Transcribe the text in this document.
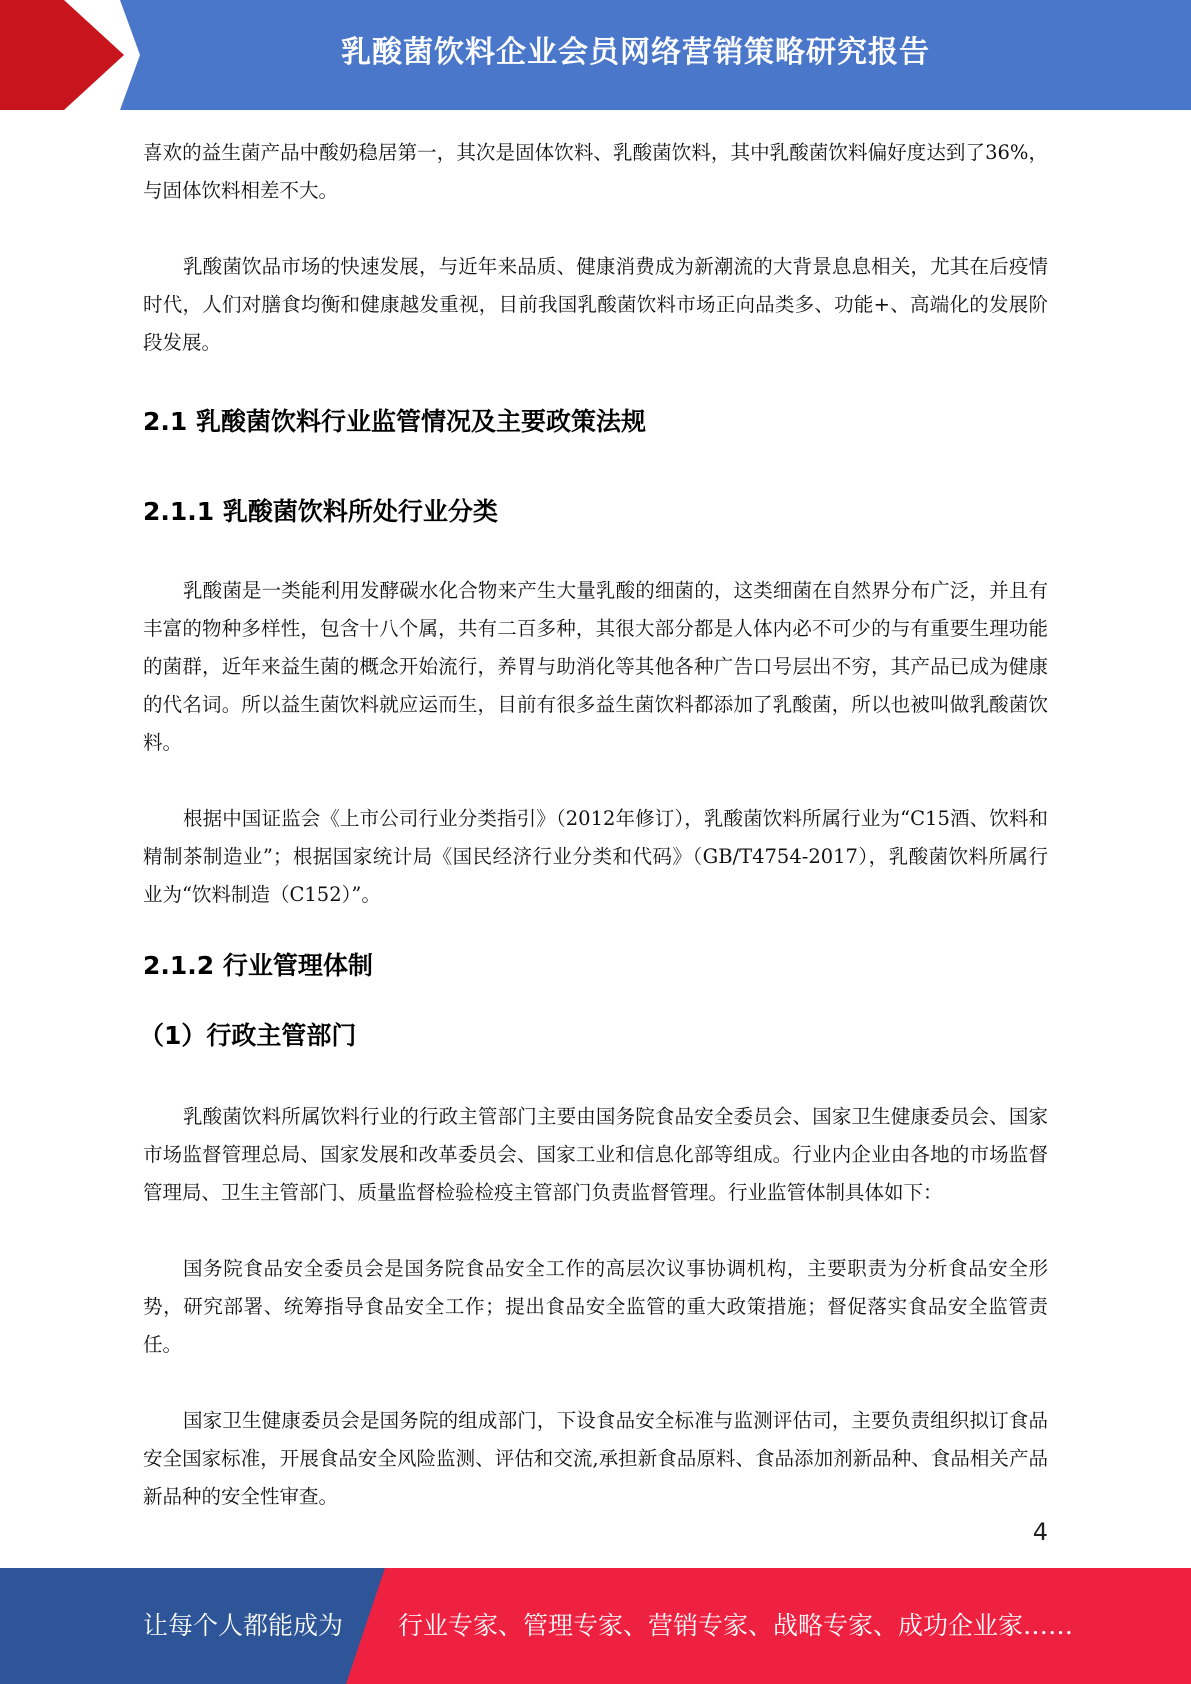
乳酸菌饮料企业会员网络营销策略研究报告

喜欢的益生菌产品中酸奶稳居第一，其次是固体饮料、乳酸菌饮料，其中乳酸菌饮料偏好度达到了36%，与固体饮料相差不大。

乳酸菌饮品市场的快速发展，与近年来品质、健康消费成为新潮流的大背景息息相关，尤其在后疫情时代，人们对膳食均衡和健康越发重视，目前我国乳酸菌饮料市场正向品类多、功能+、高端化的发展阶段发展。

2.1 乳酸菌饮料行业监管情况及主要政策法规
2.1.1 乳酸菌饮料所处行业分类

乳酸菌是一类能利用发酵碳水化合物来产生大量乳酸的细菌的，这类细菌在自然界分布广泛，并且有丰富的物种多样性，包含十八个属，共有二百多种，其很大部分都是人体内必不可少的与有重要生理功能的菌群，近年来益生菌的概念开始流行，养胃与助消化等其他各种广告口号层出不穷，其产品已成为健康的代名词。所以益生菌饮料就应运而生，目前有很多益生菌饮料都添加了乳酸菌，所以也被叫做乳酸菌饮料。

根据中国证监会《上市公司行业分类指引》（2012年修订），乳酸菌饮料所属行业为“C15酒、饮料和精制茶制造业”；根据国家统计局《国民经济行业分类和代码》（GB/T4754-2017），乳酸菌饮料所属行业为“饮料制造（C152）”。

2.1.2 行业管理体制
（1）行政主管部门

乳酸菌饮料所属饮料行业的行政主管部门主要由国务院食品安全委员会、国家卫生健康委员会、国家市场监督管理总局、国家发展和改革委员会、国家工业和信息化部等组成。行业内企业由各地的市场监督管理局、卫生主管部门、质量监督检验检疫主管部门负责监督管理。行业监管体制具体如下：

国务院食品安全委员会是国务院食品安全工作的高层次议事协调机构，主要职责为分析食品安全形势，研究部署、统筹指导食品安全工作；提出食品安全监管的重大政策措施；督促落实食品安全监管责任。

国家卫生健康委员会是国务院的组成部门，下设食品安全标准与监测评估司，主要负责组织拟订食品安全国家标准，开展食品安全风险监测、评估和交流,承担新食品原料、食品添加剂新品种、食品相关产品新品种的安全性审查。

4
让每个人都能成为 行业专家、管理专家、营销专家、战略专家、成功企业家……
